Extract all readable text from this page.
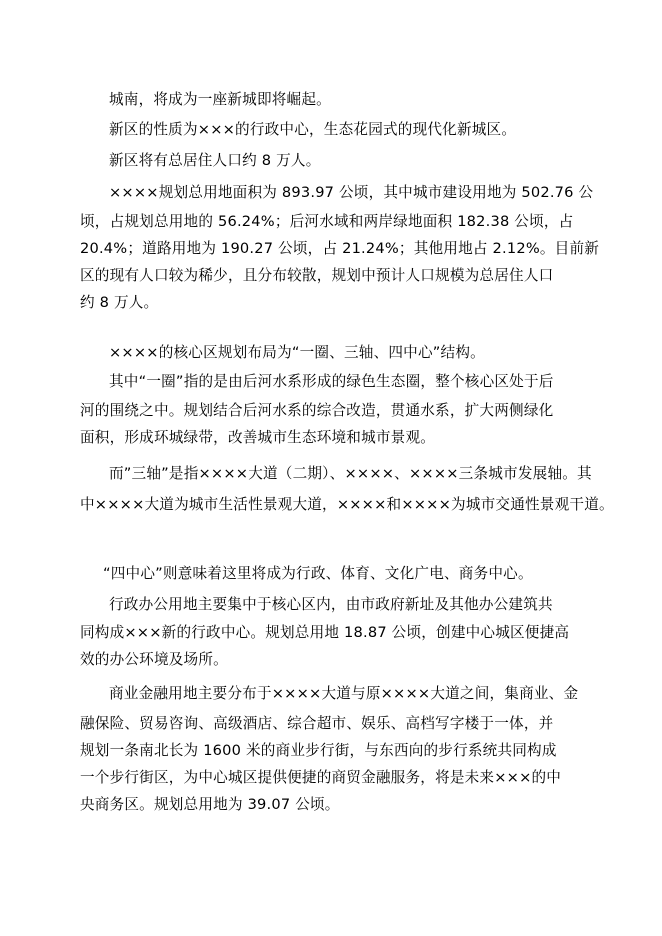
城南，将成为一座新城即将崛起。
新区的性质为×××的行政中心，生态花园式的现代化新城区。
新区将有总居住人口约 8 万人。
××××规划总用地面积为 893.97 公顷，其中城市建设用地为 502.76 公
顷，占规划总用地的 56.24%；后河水域和两岸绿地面积 182.38 公顷，占
20.4%；道路用地为 190.27 公顷，占 21.24%；其他用地占 2.12%。目前新
区的现有人口较为稀少，且分布较散，规划中预计人口规模为总居住人口
约 8 万人。
××××的核心区规划布局为“一圈、三轴、四中心”结构。
其中“一圈”指的是由后河水系形成的绿色生态圈，整个核心区处于后
河的围绕之中。规划结合后河水系的综合改造，贯通水系，扩大两侧绿化
面积，形成环城绿带，改善城市生态环境和城市景观。
而”三轴”是指××××大道（二期）、××××、××××三条城市发展轴。其
中××××大道为城市生活性景观大道，××××和××××为城市交通性景观干道。
“四中心”则意味着这里将成为行政、体育、文化广电、商务中心。
行政办公用地主要集中于核心区内，由市政府新址及其他办公建筑共
同构成×××新的行政中心。规划总用地 18.87 公顷，创建中心城区便捷高
效的办公环境及场所。
商业金融用地主要分布于××××大道与原××××大道之间，集商业、金
融保险、贸易咨询、高级酒店、综合超市、娱乐、高档写字楼于一体，并
规划一条南北长为 1600 米的商业步行街，与东西向的步行系统共同构成
一个步行街区，为中心城区提供便捷的商贸金融服务，将是未来×××的中
央商务区。规划总用地为 39.07 公顷。
